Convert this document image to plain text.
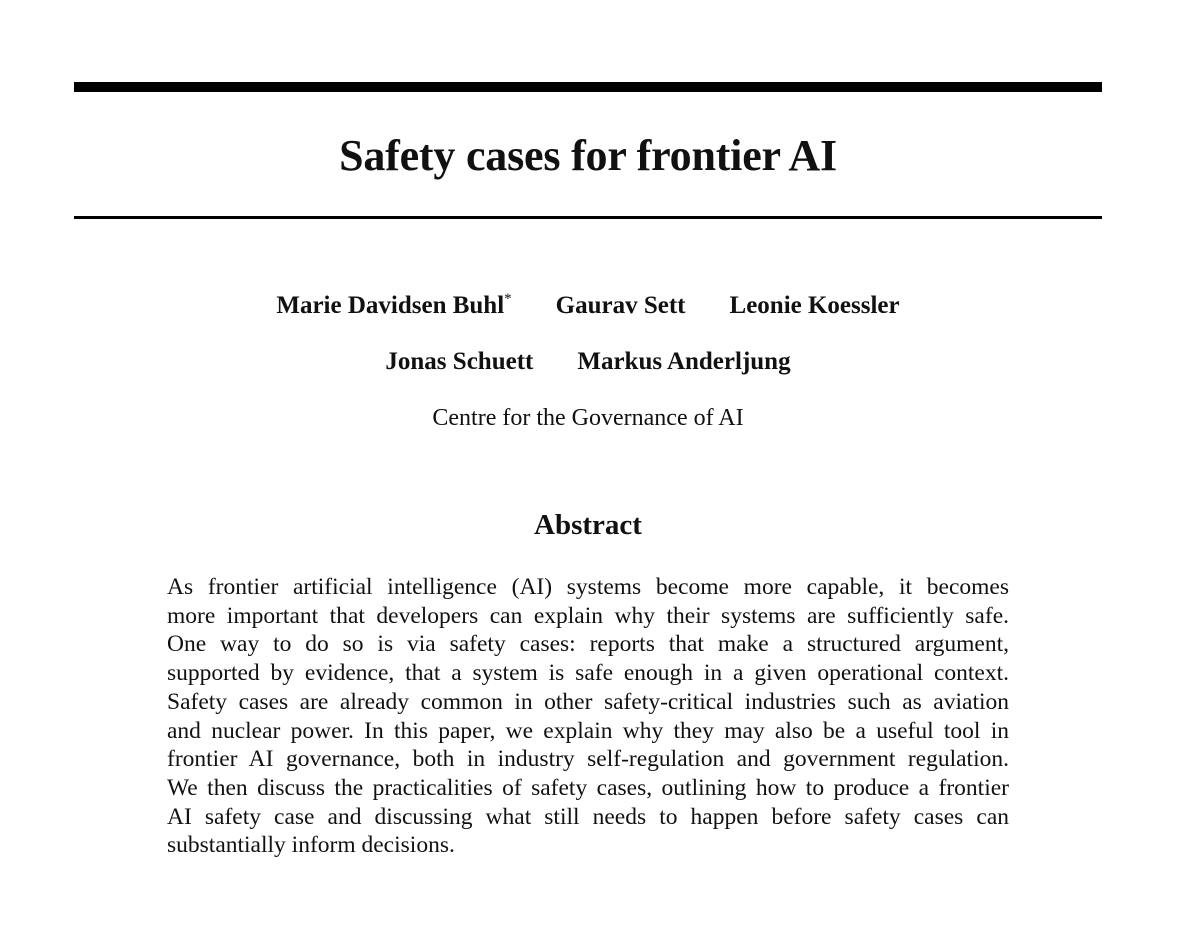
Safety cases for frontier AI
Marie Davidsen Buhl* Gaurav Sett Leonie Koessler
Jonas Schuett Markus Anderljung
Centre for the Governance of AI
Abstract
As frontier artificial intelligence (AI) systems become more capable, it becomes
more important that developers can explain why their systems are sufficiently safe.
One way to do so is via safety cases: reports that make a structured argument,
supported by evidence, that a system is safe enough in a given operational context.
Safety cases are already common in other safety-critical industries such as aviation
and nuclear power. In this paper, we explain why they may also be a useful tool in
frontier AI governance, both in industry self-regulation and government regulation.
We then discuss the practicalities of safety cases, outlining how to produce a frontier
AI safety case and discussing what still needs to happen before safety cases can
substantially inform decisions.
